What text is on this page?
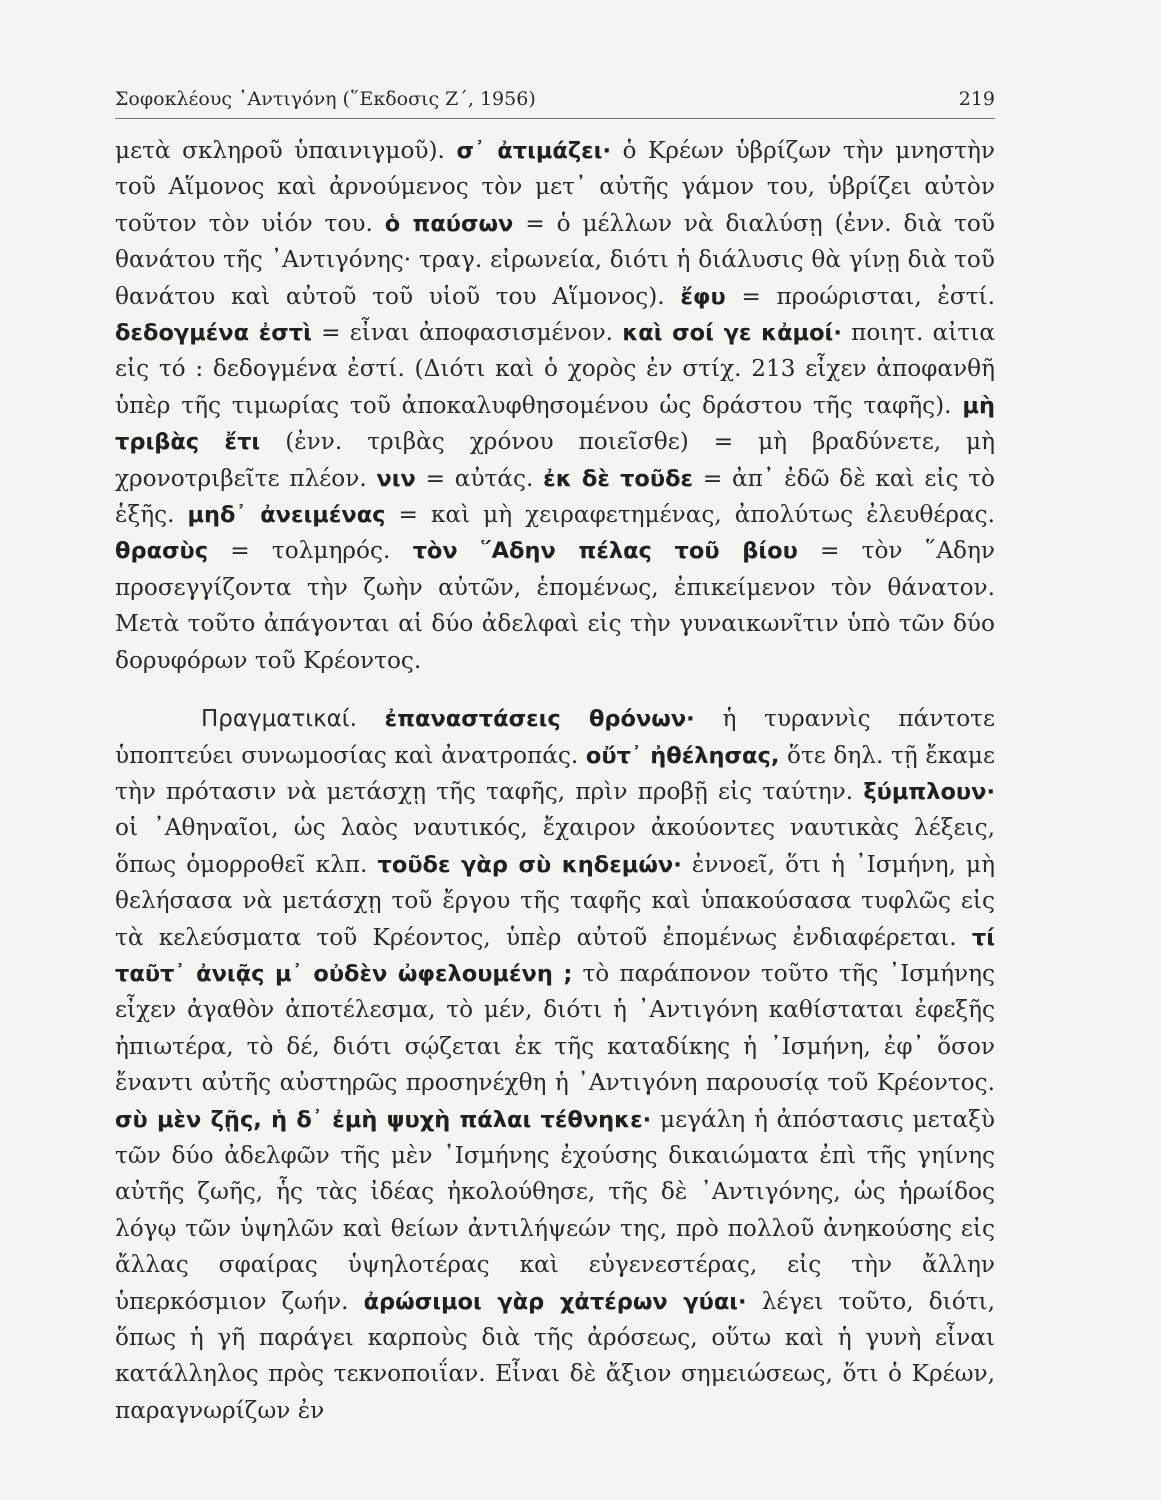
Σοφοκλέους ᾽Αντιγόνη (῞Εκδοσις Ζ΄, 1956)	219
μετὰ σκληροῦ ὑπαινιγμοῦ). σ᾽ ἀτιμάζει· ὁ Κρέων ὑβρίζων τὴν μνηστὴν τοῦ Αἵμονος καὶ ἀρνούμενος τὸν μετ᾽ αὐτῆς γάμον του, ὑβρίζει αὐτὸν τοῦτον τὸν υἱόν του. ὁ παύσων = ὁ μέλλων νὰ διαλύσῃ (ἐνν. διὰ τοῦ θανάτου τῆς ᾽Αντιγόνης· τραγ. εἰρωνεία, διότι ἡ διάλυσις θὰ γίνῃ διὰ τοῦ θανάτου καὶ αὐτοῦ τοῦ υἱοῦ του Αἵμονος). ἔφυ = προώρισται, ἐστί. δεδογμένα ἐστὶ = εἶναι ἀποφασισμένον. καὶ σοί γε κἀμοί· ποιητ. αἰτια εἰς τό : δεδογμένα ἐστί. (Διότι καὶ ὁ χορὸς ἐν στίχ. 213 εἶχεν ἀποφανθῆ ὑπὲρ τῆς τιμωρίας τοῦ ἀποκαλυφθησομένου ὡς δράστου τῆς ταφῆς). μὴ τριβὰς ἔτι (ἐνν. τριβὰς χρόνου ποιεῖσθε) = μὴ βραδύνετε, μὴ χρονοτριβεῖτε πλέον. νιν = αὐτάς. ἐκ δὲ τοῦδε = ἀπ᾽ ἐδῶ δὲ καὶ εἰς τὸ ἑξῆς. μηδ᾽ ἀνειμένας = καὶ μὴ χειραφετημένας, ἀπολύτως ἐλευθέρας. θρασὺς = τολμηρός. τὸν ῞Αδην πέλας τοῦ βίου = τὸν ῞Αδην προσεγγίζοντα τὴν ζωὴν αὐτῶν, ἑπομένως, ἐπικείμενον τὸν θάνατον. Μετὰ τοῦτο ἀπάγονται αἱ δύο ἀδελφαὶ εἰς τὴν γυναικωνῖτιν ὑπὸ τῶν δύο δορυφόρων τοῦ Κρέοντος.
Πραγματικαί. ἐπαναστάσεις θρόνων· ἡ τυραννὶς πάντοτε ὑποπτεύει συνωμοσίας καὶ ἀνατροπάς. οὔτ᾽ ἠθέλησας, ὅτε δηλ. τῇ ἔκαμε τὴν πρότασιν νὰ μετάσχῃ τῆς ταφῆς, πρὶν προβῇ εἰς ταύτην. ξύμπλουν· οἱ ᾽Αθηναῖοι, ὡς λαὸς ναυτικός, ἔχαιρον ἀκούοντες ναυτικὰς λέξεις, ὅπως ὁμορροθεῖ κλπ. τοῦδε γὰρ σὺ κηδεμών· ἐννοεῖ, ὅτι ἡ ᾽Ισμήνη, μὴ θελήσασα νὰ μετάσχῃ τοῦ ἔργου τῆς ταφῆς καὶ ὑπακούσασα τυφλῶς εἰς τὰ κελεύσματα τοῦ Κρέοντος, ὑπὲρ αὐτοῦ ἐπομένως ἐνδιαφέρεται. τί ταῦτ᾽ ἀνιᾷς μ᾽ οὐδὲν ὠφελουμένη ; τὸ παράπονον τοῦτο τῆς ᾽Ισμήνης εἶχεν ἀγαθὸν ἀποτέλεσμα, τὸ μέν, διότι ἡ ᾽Αντιγόνη καθίσταται ἐφεξῆς ἠπιωτέρα, τὸ δέ, διότι σῴζεται ἐκ τῆς καταδίκης ἡ ᾽Ισμήνη, ἐφ᾽ ὅσον ἔναντι αὐτῆς αὐστηρῶς προσηνέχθη ἡ ᾽Αντιγόνη παρουσίᾳ τοῦ Κρέοντος. σὺ μὲν ζῇς, ἡ δ᾽ ἐμὴ ψυχὴ πάλαι τέθνηκε· μεγάλη ἡ ἀπόστασις μεταξὺ τῶν δύο ἀδελφῶν τῆς μὲν ᾽Ισμήνης ἐχούσης δικαιώματα ἐπὶ τῆς γηίνης αὐτῆς ζωῆς, ἧς τὰς ἰδέας ἠκολούθησε, τῆς δὲ ᾽Αντιγόνης, ὡς ἡρωίδος λόγῳ τῶν ὑψηλῶν καὶ θείων ἀντιλήψεών της, πρὸ πολλοῦ ἀνηκούσης εἰς ἄλλας σφαίρας ὑψηλοτέρας καὶ εὐγενεστέρας, εἰς τὴν ἄλλην ὑπερκόσμιον ζωήν. ἀρώσιμοι γὰρ χἀτέρων γύαι· λέγει τοῦτο, διότι, ὅπως ἡ γῆ παράγει καρποὺς διὰ τῆς ἀρόσεως, οὕτω καὶ ἡ γυνὴ εἶναι κατάλληλος πρὸς τεκνοποιΐαν. Εἶναι δὲ ἄξιον σημειώσεως, ὅτι ὁ Κρέων, παραγνωρίζων ἐν
